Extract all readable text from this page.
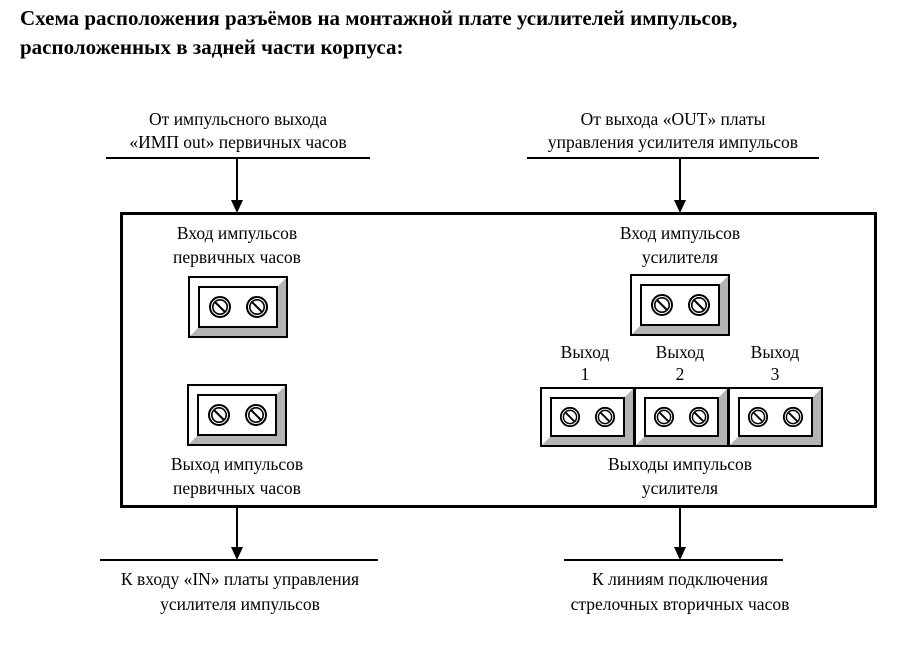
Схема расположения разъёмов на монтажной плате усилителей импульсов,
расположенных в задней части корпуса:
От импульсного выхода
«ИМП out» первичных часов
От выхода «OUT» платы
управления усилителя импульсов
Вход импульсов
первичных часов
Вход импульсов
усилителя
Выход
1
Выход
2
Выход
3
Выход импульсов
первичных часов
Выходы импульсов
усилителя
К входу «IN» платы управления
усилителя импульсов
К линиям подключения
стрелочных вторичных часов
